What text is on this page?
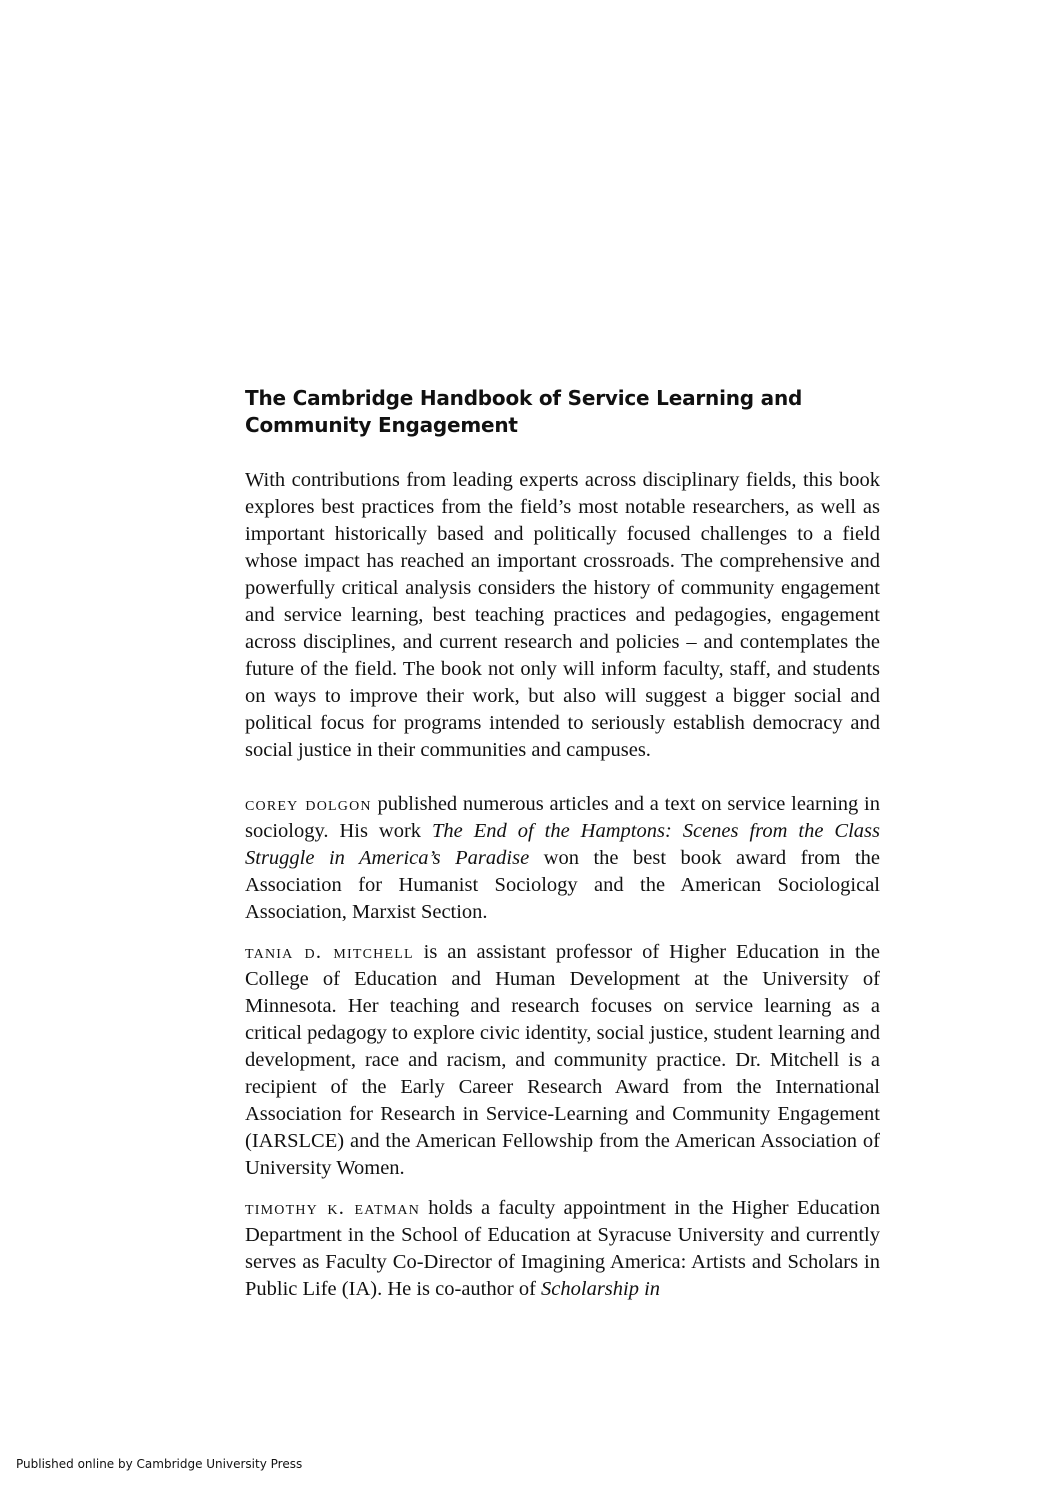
The Cambridge Handbook of Service Learning and
Community Engagement

With contributions from leading experts across disciplinary fields, this book explores best practices from the field’s most notable researchers, as well as important historically based and politically focused challenges to a field whose impact has reached an important crossroads. The comprehensive and powerfully critical analysis considers the history of community engagement and service learning, best teaching practices and pedagogies, engagement across disciplines, and current research and policies – and contemplates the future of the field. The book not only will inform faculty, staff, and students on ways to improve their work, but also will suggest a bigger social and political focus for programs intended to seriously establish democracy and social justice in their communities and campuses.

corey dolgon published numerous articles and a text on service learning in sociology. His work The End of the Hamptons: Scenes from the Class Struggle in America’s Paradise won the best book award from the Association for Humanist Sociology and the American Sociological Association, Marxist Section.

tania d. mitchell is an assistant professor of Higher Education in the College of Education and Human Development at the University of Minnesota. Her teaching and research focuses on service learning as a critical pedagogy to explore civic identity, social justice, student learning and development, race and racism, and community practice. Dr. Mitchell is a recipient of the Early Career Research Award from the International Association for Research in Service-Learning and Community Engagement (IARSLCE) and the American Fellowship from the American Association of University Women.

timothy k. eatman holds a faculty appointment in the Higher Education Department in the School of Education at Syracuse University and currently serves as Faculty Co-Director of Imagining America: Artists and Scholars in Public Life (IA). He is co-author of Scholarship in

Published online by Cambridge University Press
